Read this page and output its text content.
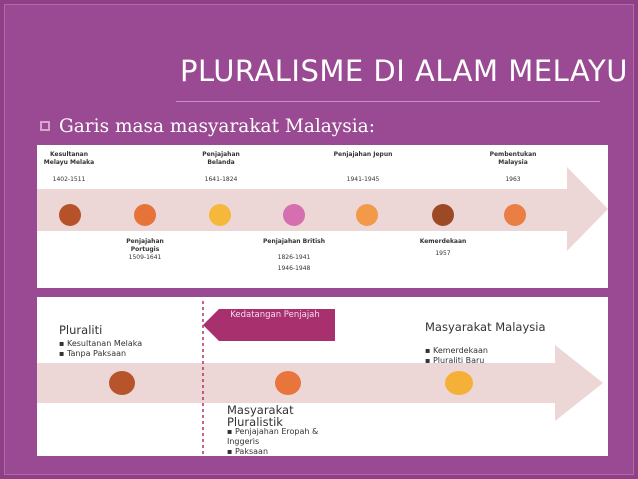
PLURALISME DI ALAM MELAYU
Garis masa masyarakat Malaysia:
Kesultanan Melayu Melaka
1402-1511
Penjajahan Belanda
1641-1824
Penjajahan Jepun
1941-1945
Pembentukan Malaysia
1963
Penjajahan Portugis
1509-1641
Penjajahan British
1826-1941
1946-1948
Kemerdekaan
1957
Kedatangan Penjajah
Pluraliti
▪ Kesultanan Melaka
▪ Tanpa Paksaan
Masyarakat Malaysia
▪ Kemerdekaan
▪ Pluraliti Baru
Masyarakat Pluralistik
▪ Penjajahan Eropah & Inggeris
▪ Paksaan
